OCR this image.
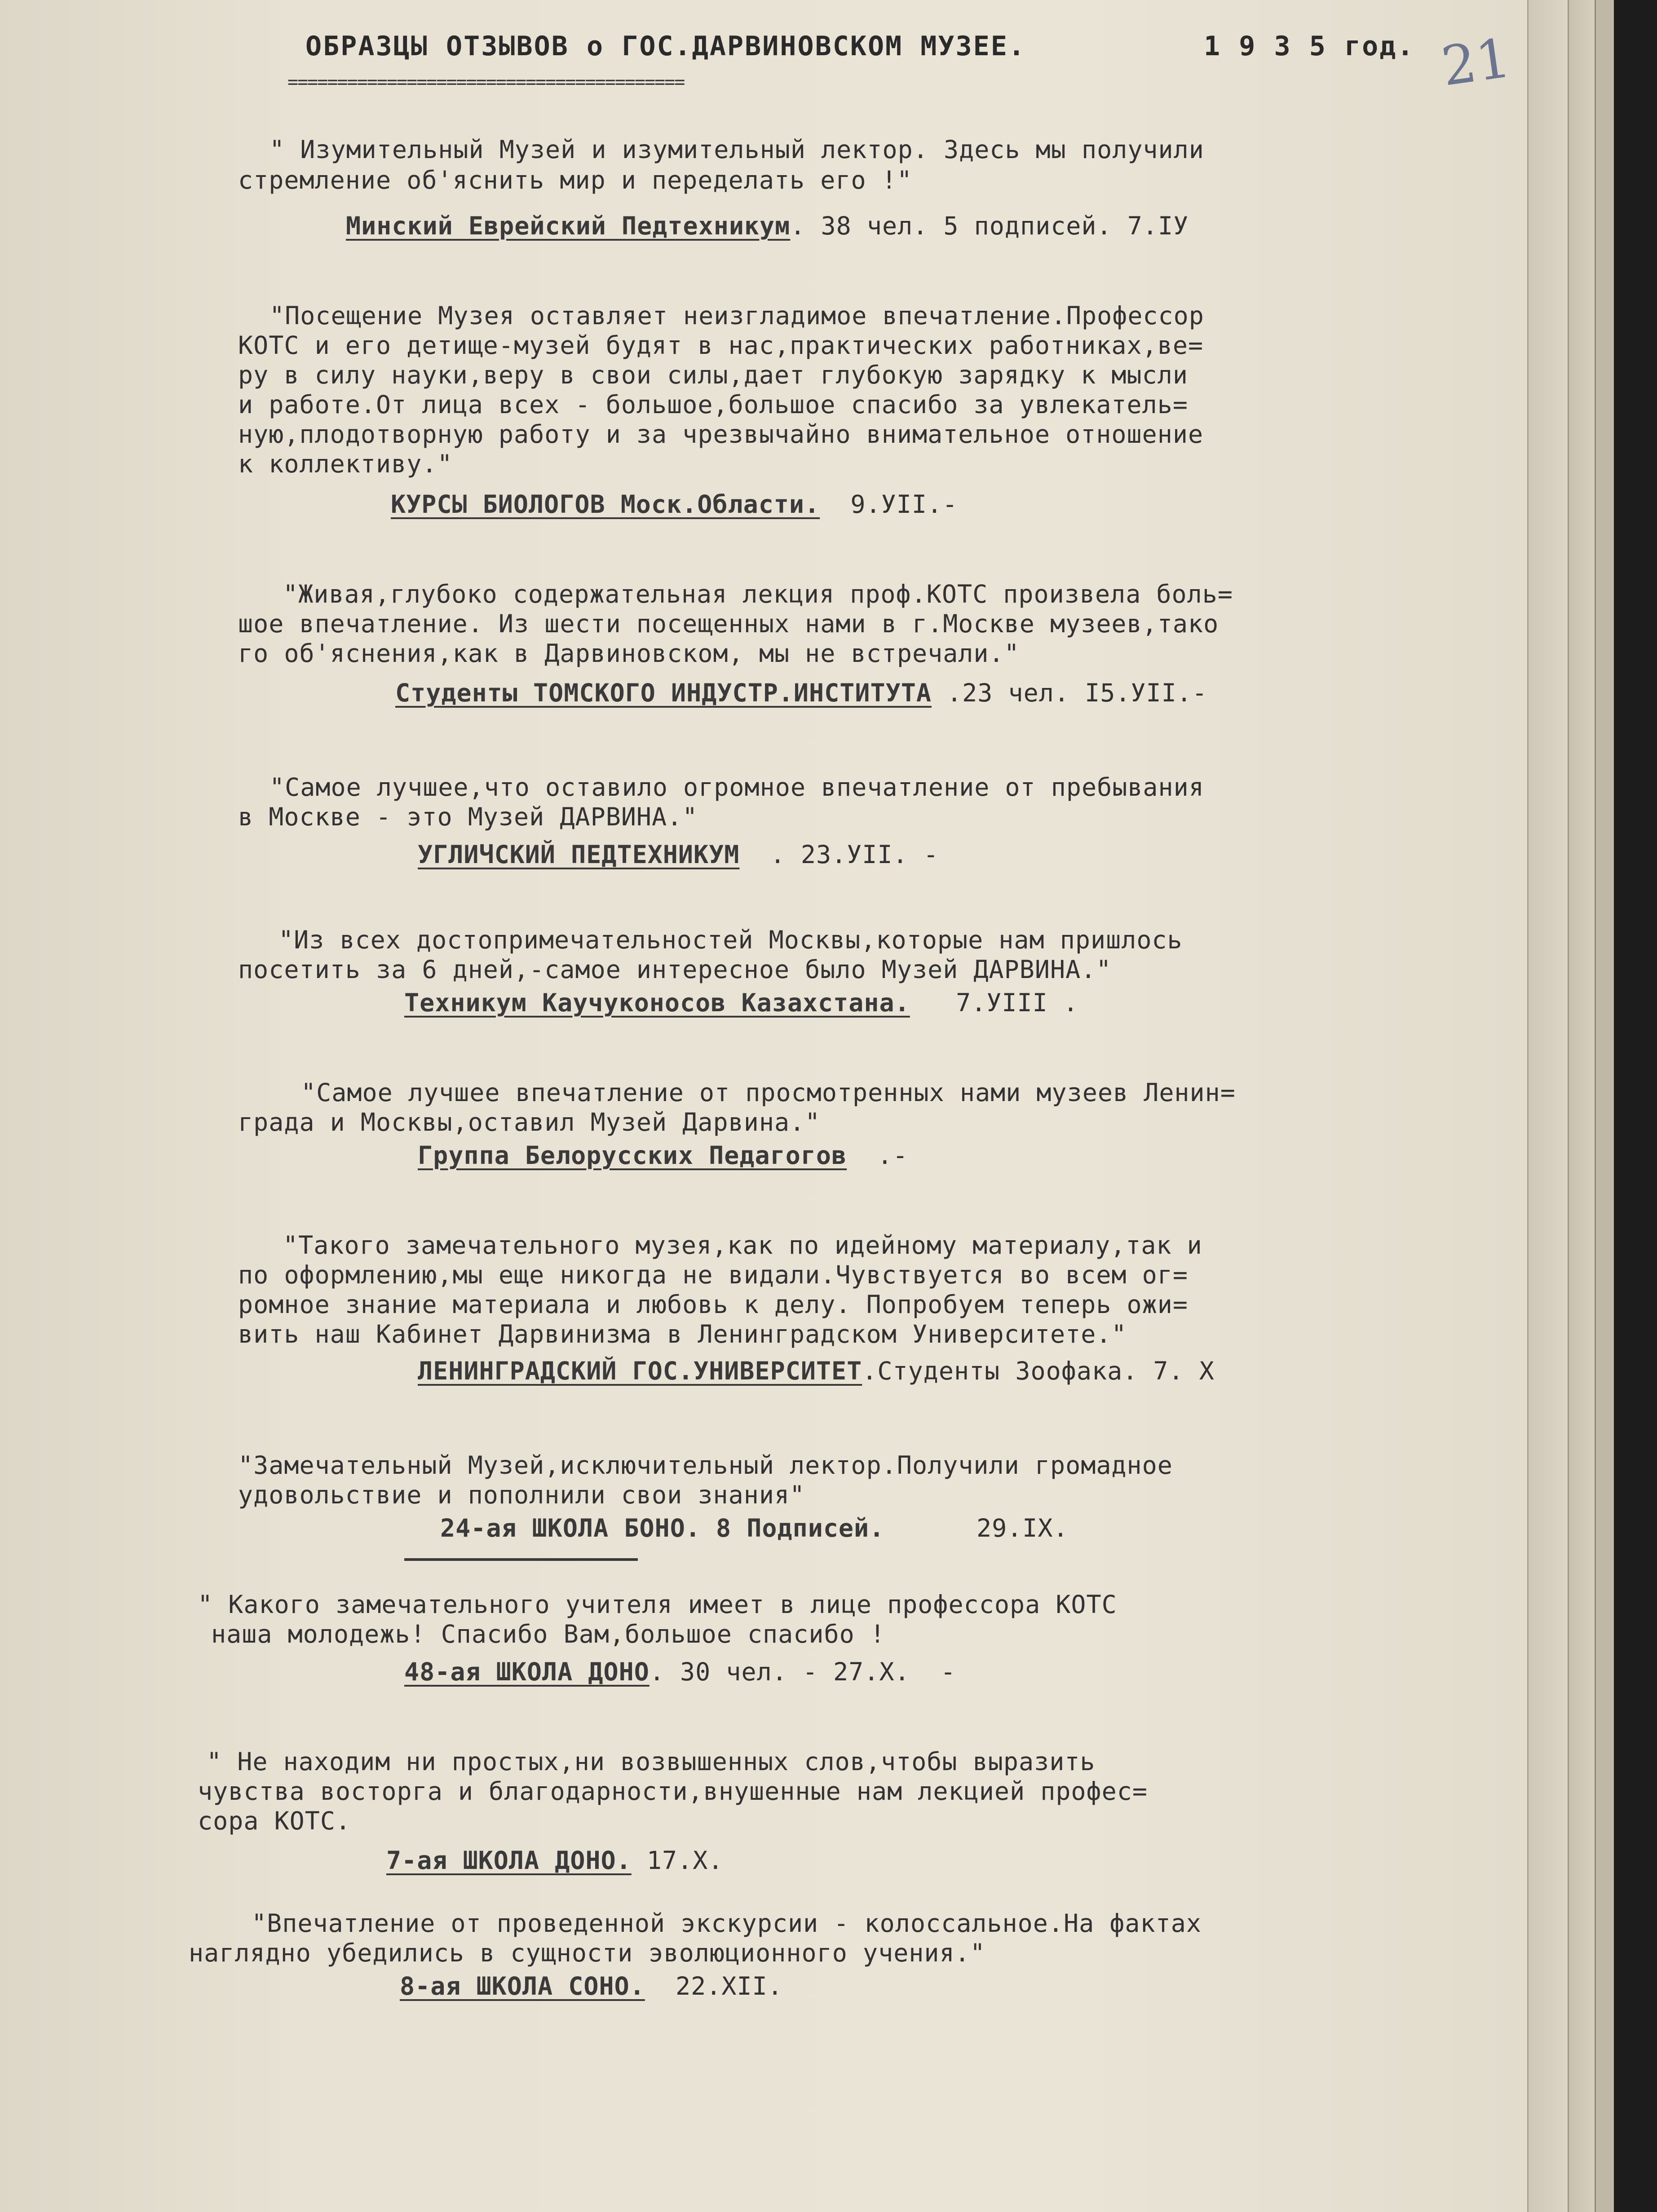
ОБРАЗЦЫ ОТЗЫВОВ о ГОС.ДАРВИНОВСКОМ МУЗЕЕ.	1 9 3 5 год. 21
========================================
" Изумительный Музей и изумительный лектор. Здесь мы получили
стремление об'яснить мир и переделать его !"
Минский Еврейский Педтехникум. 38 чел. 5 подписей. 7.IУ
"Посещение Музея оставляет неизгладимое впечатление.Профессор
КОТС и его детище-музей будят в нас,практических работниках,ве=
ру в силу науки,веру в свои силы,дает глубокую зарядку к мысли
и работе.От лица всех - большое,большое спасибо за увлекатель=
ную,плодотворную работу и за чрезвычайно внимательное отношение
к коллективу."
КУРСЫ БИОЛОГОВ Моск.Области.  9.УII.-
"Живая,глубоко содержательная лекция проф.КОТС произвела боль=
шое впечатление. Из шести посещенных нами в г.Москве музеев,тако
го об'яснения,как в Дарвиновском, мы не встречали."
Студенты ТОМСКОГО ИНДУСТР.ИНСТИТУТА .23 чел. I5.УII.-
"Самое лучшее,что оставило огромное впечатление от пребывания
в Москве - это Музей ДАРВИНА."
УГЛИЧСКИЙ ПЕДТЕХНИКУМ  . 23.УII. -
"Из всех достопримечательностей Москвы,которые нам пришлось
посетить за 6 дней,-самое интересное было Музей ДАРВИНА."
Техникум Каучуконосов Казахстана.   7.УIII .
"Самое лучшее впечатление от просмотренных нами музеев Ленин=
града и Москвы,оставил Музей Дарвина."
Группа Белорусских Педагогов  .-
"Такого замечательного музея,как по идейному материалу,так и
по оформлению,мы еще никогда не видали.Чувствуется во всем ог=
ромное знание материала и любовь к делу. Попробуем теперь ожи=
вить наш Кабинет Дарвинизма в Ленинградском Университете."
ЛЕНИНГРАДСКИЙ ГОС.УНИВЕРСИТЕТ.Студенты Зоофака. 7. X
"Замечательный Музей,исключительный лектор.Получили громадное
удовольствие и пополнили свои знания"
24-ая ШКОЛА БОНО. 8 Подписей.      29.IX.
" Какого замечательного учителя имеет в лице профессора КОТС
наша молодежь! Спасибо Вам,большое спасибо !
48-ая ШКОЛА ДОНО. 30 чел. - 27.Х.  -
" Не находим ни простых,ни возвышенных слов,чтобы выразить
чувства восторга и благодарности,внушенные нам лекцией профес=
сора КОТС.
7-ая ШКОЛА ДОНО. 17.Х.
"Впечатление от проведенной экскурсии - колоссальное.На фактах
наглядно убедились в сущности эволюционного учения."
8-ая ШКОЛА СОНО.  22.XII.
